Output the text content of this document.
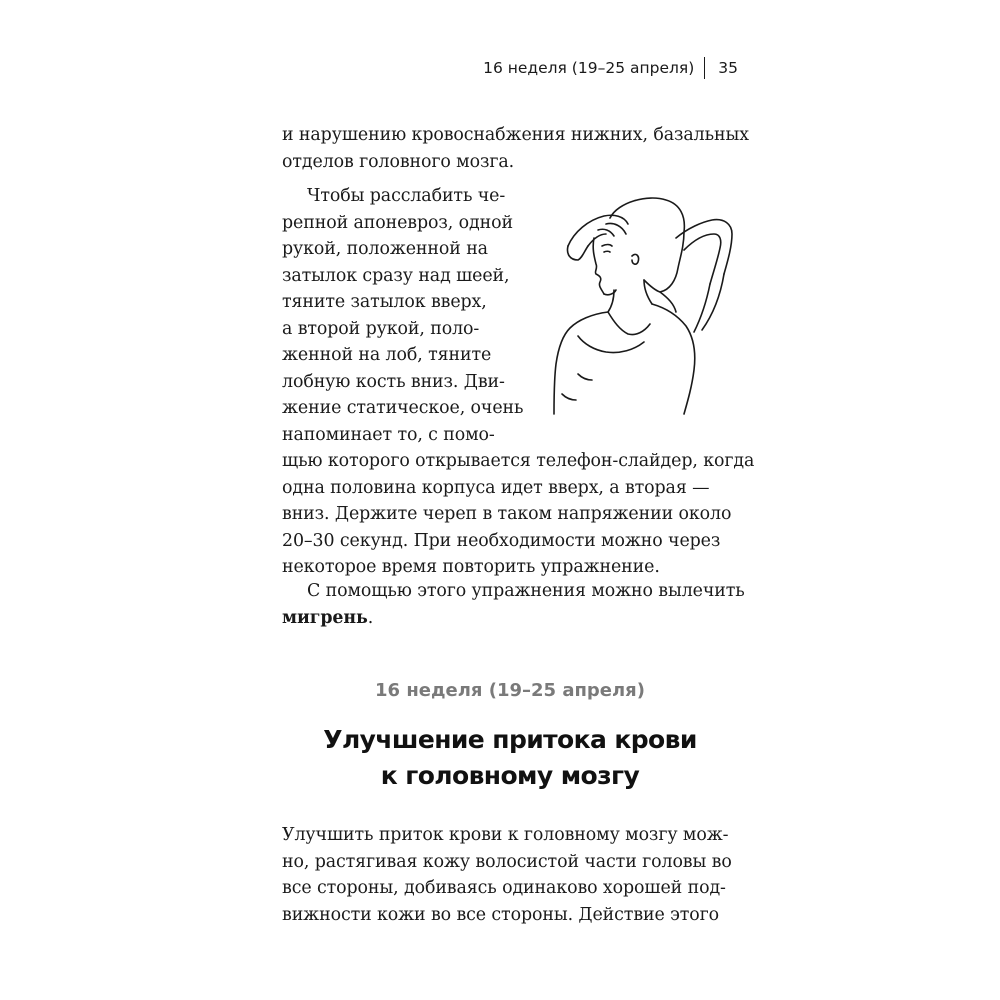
16 неделя (19–25 апреля) 35
и нарушению кровоснабжения нижних, базальных
отделов головного мозга.
Чтобы расслабить че-
репной апоневроз, одной
рукой, положенной на
затылок сразу над шеей,
тяните затылок вверх,
а второй рукой, поло-
женной на лоб, тяните
лобную кость вниз. Дви-
жение статическое, очень
напоминает то, с помо-
щью которого открывается телефон-слайдер, когда
одна половина корпуса идет вверх, а вторая —
вниз. Держите череп в таком напряжении около
20–30 секунд. При необходимости можно через
некоторое время повторить упражнение.
С помощью этого упражнения можно вылечить
мигрень.
16 неделя (19–25 апреля)
Улучшение притока крови
к головному мозгу
Улучшить приток крови к головному мозгу мож-
но, растягивая кожу волосистой части головы во
все стороны, добиваясь одинаково хорошей под-
вижности кожи во все стороны. Действие этого
